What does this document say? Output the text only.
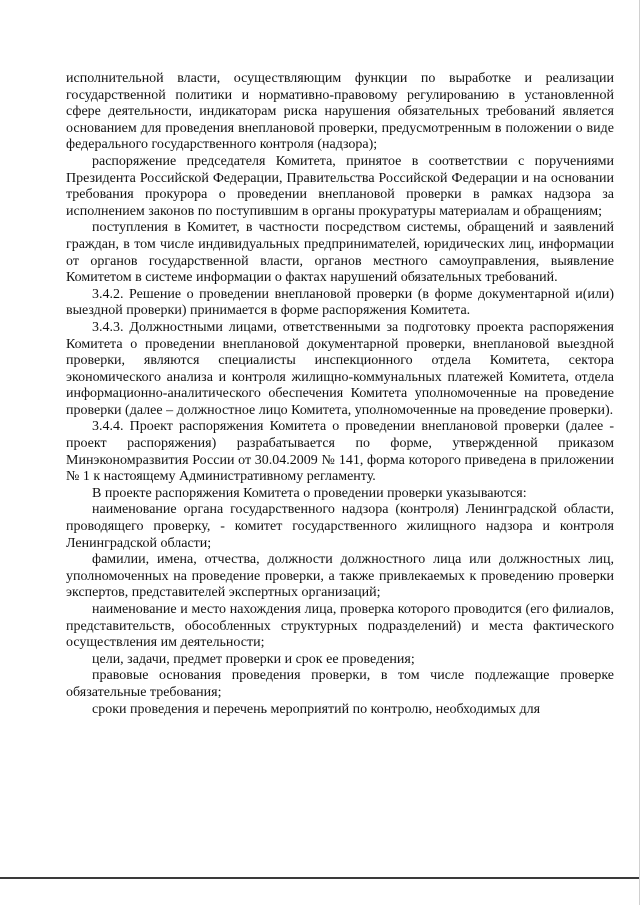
исполнительной власти, осуществляющим функции по выработке и реализации государственной политики и нормативно-правовому регулированию в установленной сфере деятельности, индикаторам риска нарушения обязательных требований является основанием для проведения внеплановой проверки, предусмотренным в положении о виде федерального государственного контроля (надзора);

распоряжение председателя Комитета, принятое в соответствии с поручениями Президента Российской Федерации, Правительства Российской Федерации и на основании требования прокурора о проведении внеплановой проверки в рамках надзора за исполнением законов по поступившим в органы прокуратуры материалам и обращениям;

поступления в Комитет, в частности посредством системы, обращений и заявлений граждан, в том числе индивидуальных предпринимателей, юридических лиц, информации от органов государственной власти, органов местного самоуправления, выявление Комитетом в системе информации о фактах нарушений обязательных требований.

3.4.2. Решение о проведении внеплановой проверки (в форме документарной и(или) выездной проверки) принимается в форме распоряжения Комитета.

3.4.3. Должностными лицами, ответственными за подготовку проекта распоряжения Комитета о проведении внеплановой документарной проверки, внеплановой выездной проверки, являются специалисты инспекционного отдела Комитета, сектора экономического анализа и контроля жилищно-коммунальных платежей Комитета, отдела информационно-аналитического обеспечения Комитета уполномоченные на проведение проверки (далее – должностное лицо Комитета, уполномоченные на проведение проверки).

3.4.4. Проект распоряжения Комитета о проведении внеплановой проверки (далее - проект распоряжения) разрабатывается по форме, утвержденной приказом Минэкономразвития России от 30.04.2009 № 141, форма которого приведена в приложении № 1 к настоящему Административному регламенту.

В проекте распоряжения Комитета о проведении проверки указываются:

наименование органа государственного надзора (контроля) Ленинградской области, проводящего проверку, - комитет государственного жилищного надзора и контроля Ленинградской области;

фамилии, имена, отчества, должности должностного лица или должностных лиц, уполномоченных на проведение проверки, а также привлекаемых к проведению проверки экспертов, представителей экспертных организаций;

наименование и место нахождения лица, проверка которого проводится (его филиалов, представительств, обособленных структурных подразделений) и места фактического осуществления им деятельности;

цели, задачи, предмет проверки и срок ее проведения;

правовые основания проведения проверки, в том числе подлежащие проверке обязательные требования;

сроки проведения и перечень мероприятий по контролю, необходимых для
